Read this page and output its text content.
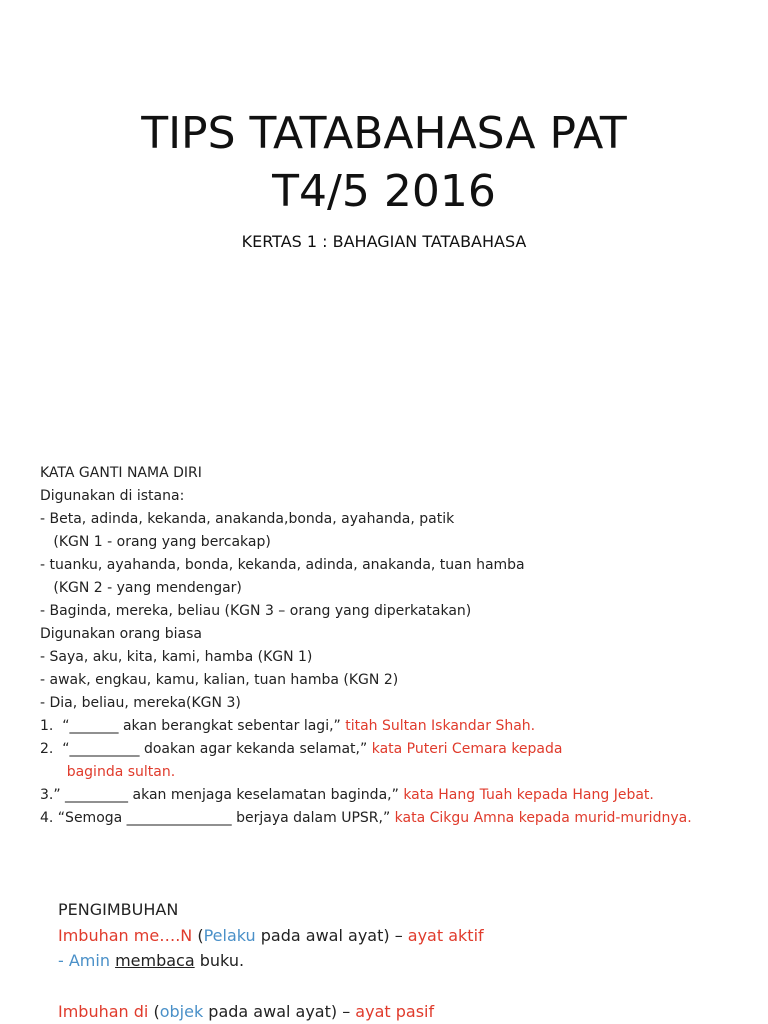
TIPS TATABAHASA PAT
T4/5 2016
KERTAS 1 : BAHAGIAN TATABAHASA
KATA GANTI NAMA DIRI
Digunakan di istana:
- Beta, adinda, kekanda, anakanda,bonda, ayahanda, patik
(KGN 1 - orang yang bercakap)
- tuanku, ayahanda, bonda, kekanda, adinda, anakanda, tuan hamba
(KGN 2 - yang mendengar)
- Baginda, mereka, beliau (KGN 3 – orang yang diperkatakan)
Digunakan orang biasa
- Saya, aku, kita, kami, hamba (KGN 1)
- awak, engkau, kamu, kalian, tuan hamba (KGN 2)
- Dia, beliau, mereka(KGN 3)
1.  “_______ akan berangkat sebentar lagi,” titah Sultan Iskandar Shah.
2.  “__________ doakan agar kekanda selamat,” kata Puteri Cemara kepada
baginda sultan.
3.” _________ akan menjaga keselamatan baginda,” kata Hang Tuah kepada Hang Jebat.
4. “Semoga _______________ berjaya dalam UPSR,” kata Cikgu Amna kepada murid-muridnya.
PENGIMBUHAN
Imbuhan me….N (Pelaku pada awal ayat) – ayat aktif
- Amin membaca buku.
Imbuhan di (objek pada awal ayat) – ayat pasif
